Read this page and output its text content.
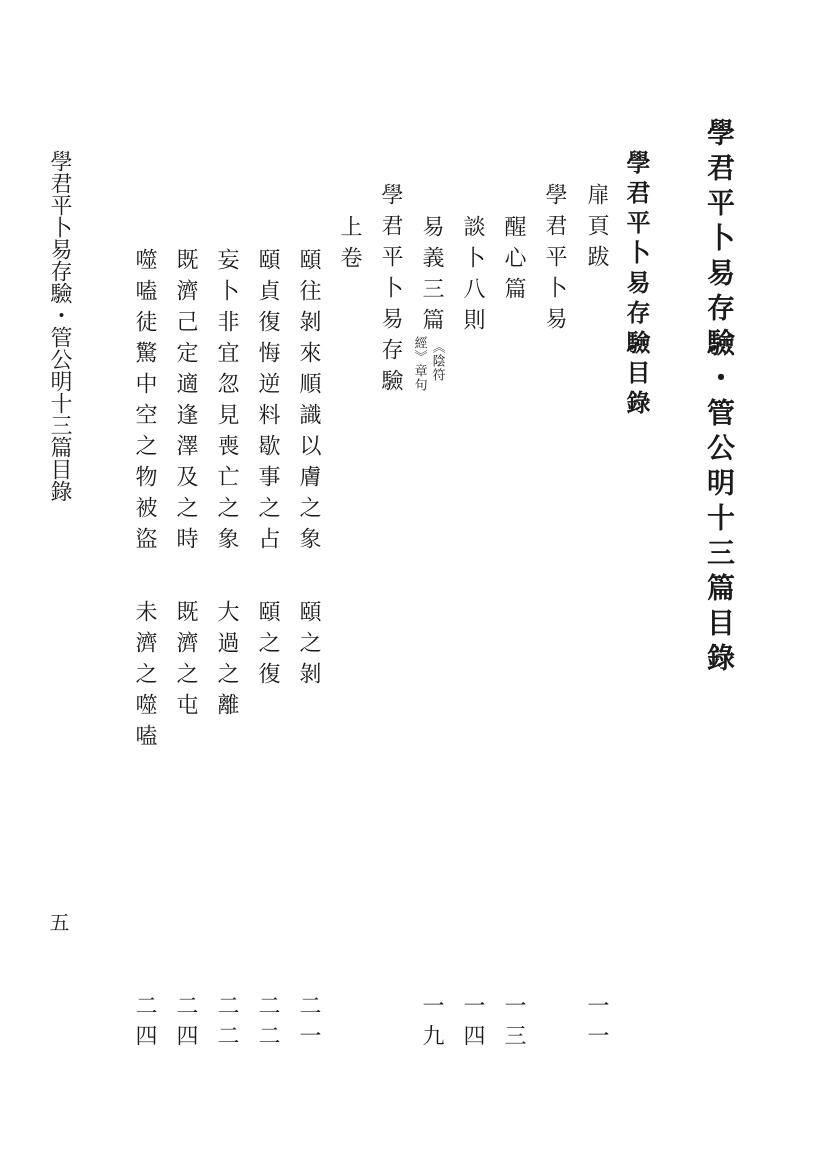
學君平卜易存驗・管公明十三篇目錄
學君平卜易存驗目錄
扉頁跋
學君平卜易
醒心篇
談卜八則
易義三篇
《陰符
經》章句
學君平卜易存驗
上卷
頤往剝來順識以膚之象
頤貞復悔逆料歇事之占
妄卜非宜忽見喪亡之象
既濟己定適逢澤及之時
噬嗑徒驚中空之物被盜
頤之剝
頤之復
大過之離
既濟之屯
未濟之噬嗑
一一
一三
一四
一九
二一
二二
二二
二四
二四
學君平卜易存驗・管公明十三篇目錄
五
